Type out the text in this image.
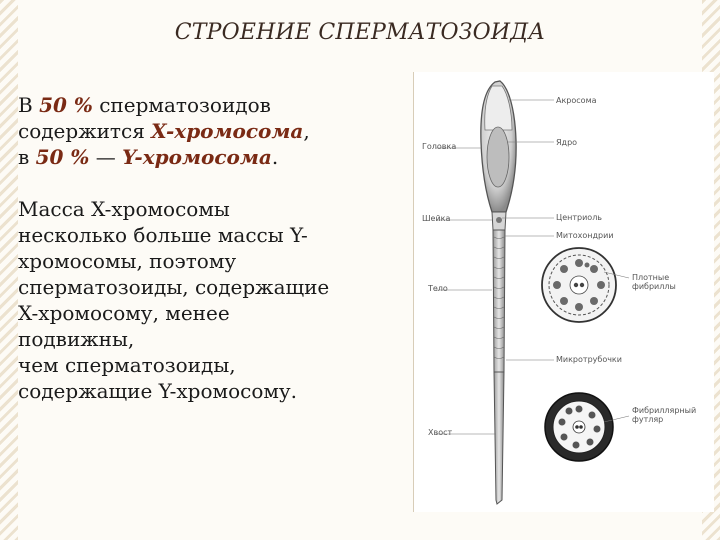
СТРОЕНИЕ СПЕРМАТОЗОИДА

В 50 % сперматозоидов
содержится X-хромосома,
в 50 % — Y-хромосома.

Масса X-хромосомы
несколько больше массы Y-
хромосомы, поэтому
сперматозоиды, содержащие
X-хромосому, менее
подвижны,
чем сперматозоиды,
содержащие Y-хромосому.

Головка
Шейка
Тело
Хвост
Акросома
Ядро
Центриоль
Митохондрии
Плотные
фибриллы
Микротрубочки
Фибриллярный
футляр
